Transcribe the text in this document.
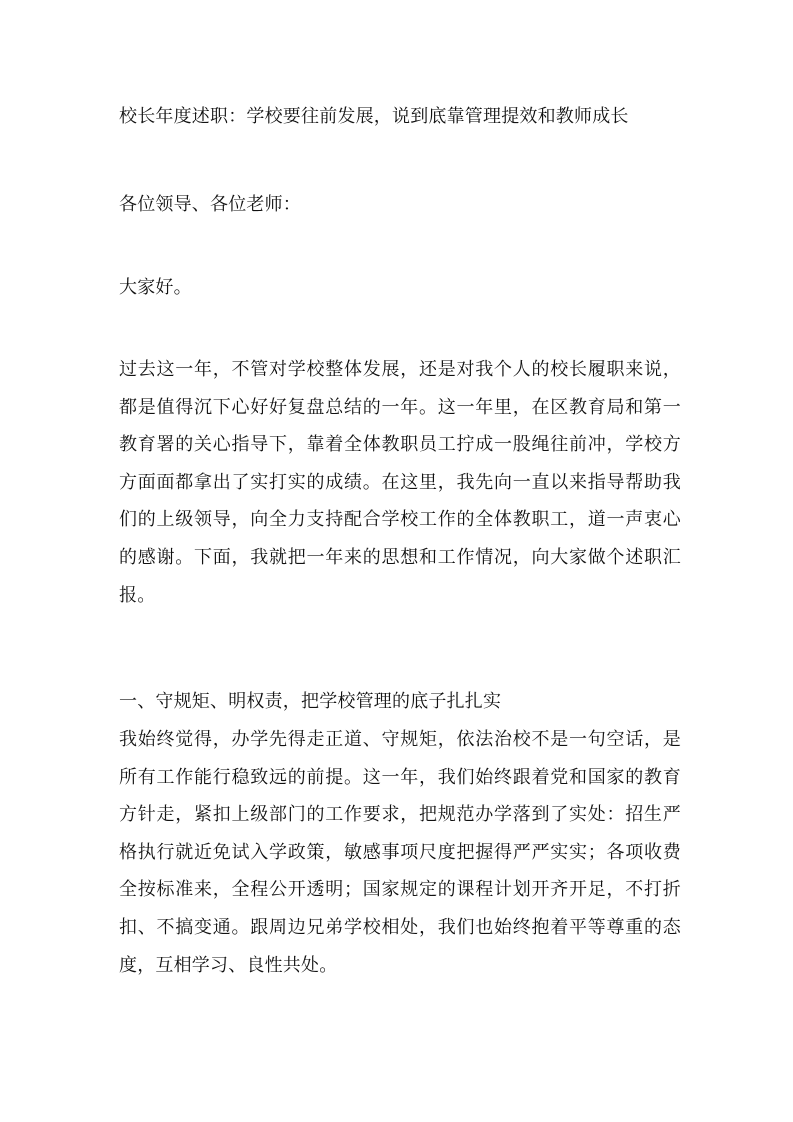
校长年度述职：学校要往前发展，说到底靠管理提效和教师成长
各位领导、各位老师：
大家好。
过去这一年，不管对学校整体发展，还是对我个人的校长履职来说，都是值得沉下心好好复盘总结的一年。这一年里，在区教育局和第一教育署的关心指导下，靠着全体教职员工拧成一股绳往前冲，学校方方面面都拿出了实打实的成绩。在这里，我先向一直以来指导帮助我们的上级领导，向全力支持配合学校工作的全体教职工，道一声衷心的感谢。下面，我就把一年来的思想和工作情况，向大家做个述职汇报。
一、守规矩、明权责，把学校管理的底子扎扎实
我始终觉得，办学先得走正道、守规矩，依法治校不是一句空话，是所有工作能行稳致远的前提。这一年，我们始终跟着党和国家的教育方针走，紧扣上级部门的工作要求，把规范办学落到了实处：招生严格执行就近免试入学政策，敏感事项尺度把握得严严实实；各项收费全按标准来，全程公开透明；国家规定的课程计划开齐开足，不打折扣、不搞变通。跟周边兄弟学校相处，我们也始终抱着平等尊重的态度，互相学习、良性共处。
